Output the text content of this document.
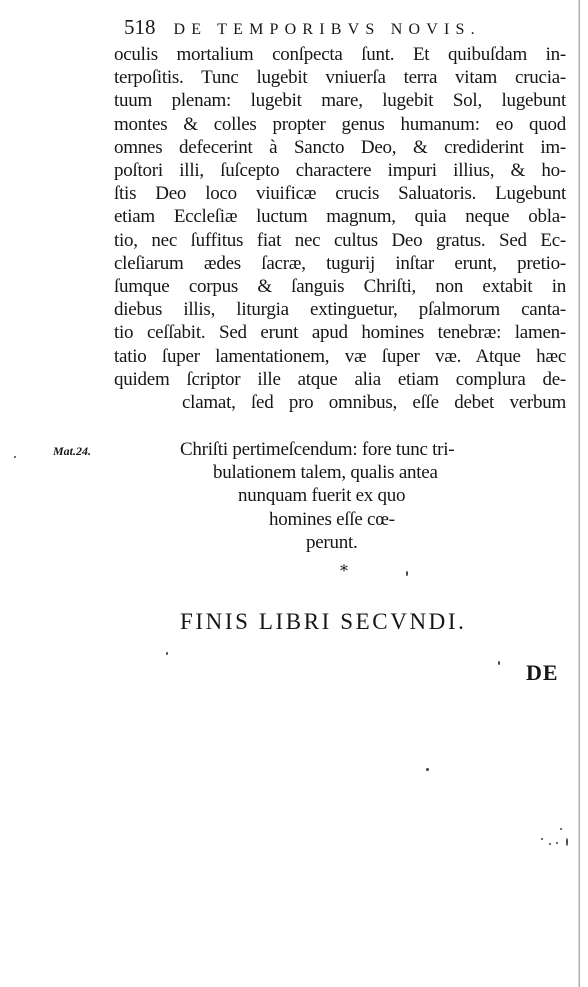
518 DE TEMPORIBVS NOVIS.
oculis mortalium conſpecta ſunt. Et quibuſdam in-
terpoſitis. Tunc lugebit vniuerſa terra vitam crucia-
tuum plenam: lugebit mare, lugebit Sol, lugebunt
montes & colles propter genus humanum: eo quod
omnes defecerint à Sancto Deo, & crediderint im-
poſtori illi, ſuſcepto charactere impuri illius, & ho-
ſtis Deo loco viuificæ crucis Saluatoris. Lugebunt
etiam Eccleſiæ luctum magnum, quia neque obla-
tio, nec ſuffitus fiat nec cultus Deo gratus. Sed Ec-
cleſiarum ædes ſacræ, tugurij inſtar erunt, pretio-
ſumque corpus & ſanguis Chriſti, non extabit in
diebus illis, liturgia extinguetur, pſalmorum canta-
tio ceſſabit. Sed erunt apud homines tenebræ: lamen-
tatio ſuper lamentationem, væ ſuper væ. Atque hæc
quidem ſcriptor ille atque alia etiam complura de-
clamat, ſed pro omnibus, eſſe debet verbum
Mat.24.	Chriſti pertimeſcendum: fore tunc tri-
bulationem talem, qualis antea
nunquam fuerit ex quo
homines eſſe cœ-
perunt.
⁎
FINIS LIBRI SECVNDI.
DE
